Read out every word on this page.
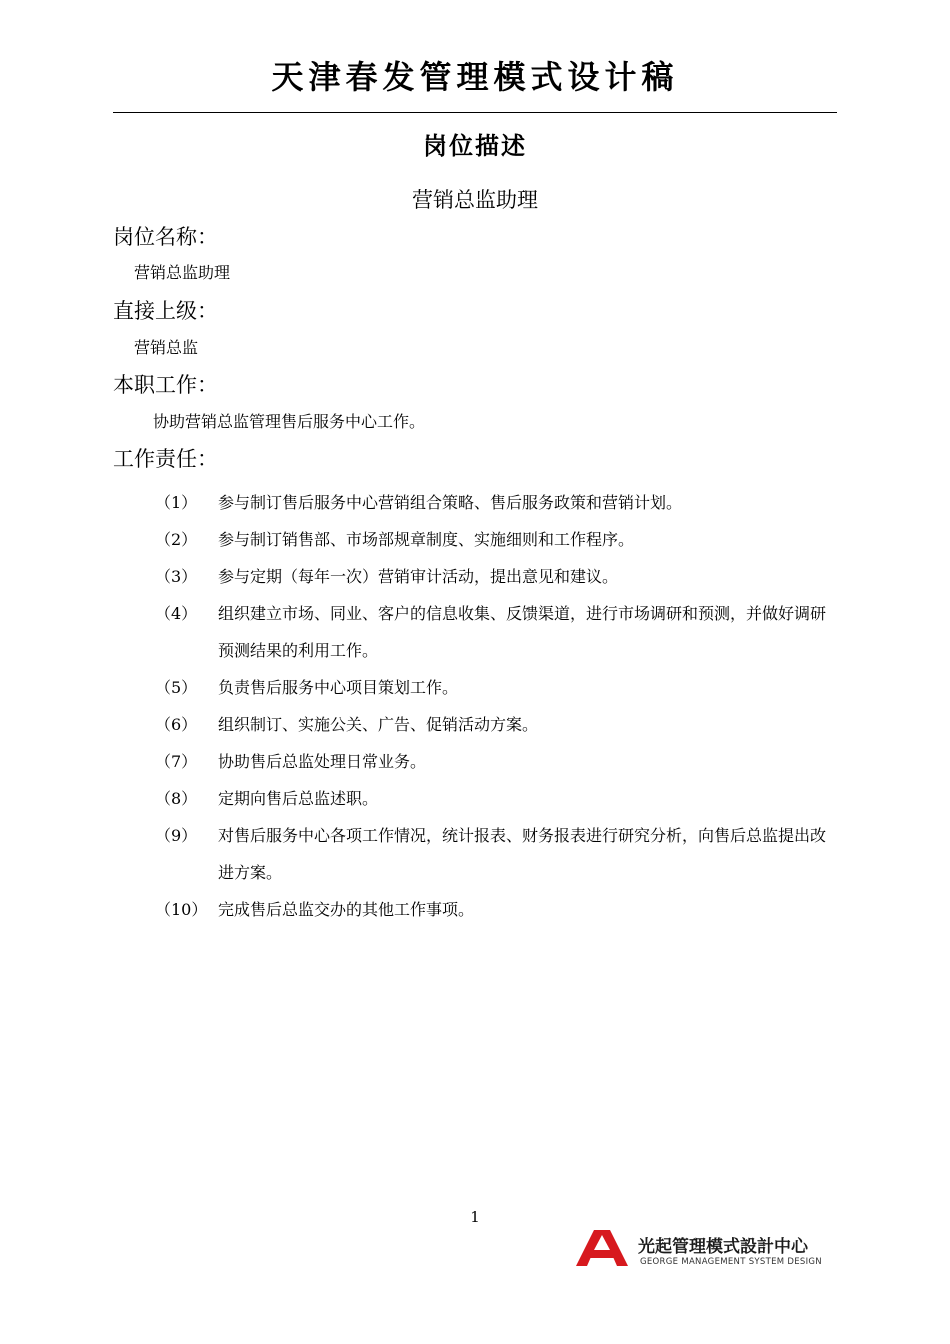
天津春发管理模式设计稿
岗位描述
营销总监助理
岗位名称：
营销总监助理
直接上级：
营销总监
本职工作：
协助营销总监管理售后服务中心工作。
工作责任：
（1） 参与制订售后服务中心营销组合策略、售后服务政策和营销计划。
（2） 参与制订销售部、市场部规章制度、实施细则和工作程序。
（3） 参与定期（每年一次）营销审计活动，提出意见和建议。
（4） 组织建立市场、同业、客户的信息收集、反馈渠道，进行市场调研和预测，并做好调研预测结果的利用工作。
（5） 负责售后服务中心项目策划工作。
（6） 组织制订、实施公关、广告、促销活动方案。
（7） 协助售后总监处理日常业务。
（8） 定期向售后总监述职。
（9） 对售后服务中心各项工作情况，统计报表、财务报表进行研究分析，向售后总监提出改进方案。
（10） 完成售后总监交办的其他工作事项。
1
光起管理模式設計中心
GEORGE MANAGEMENT SYSTEM DESIGN
